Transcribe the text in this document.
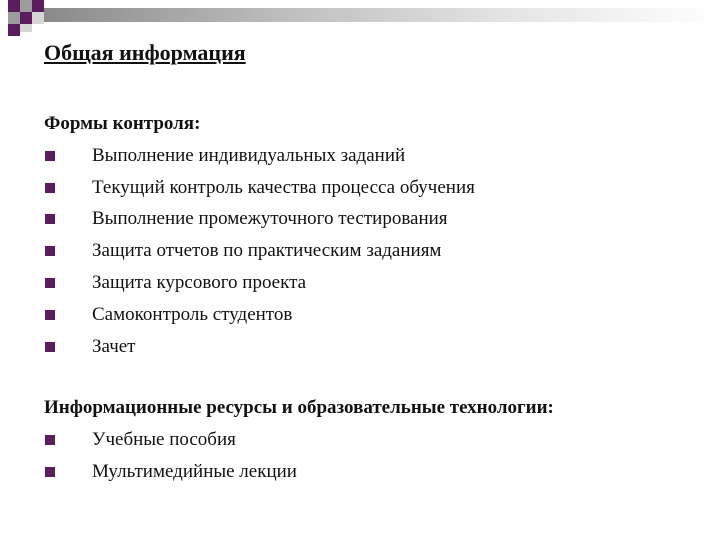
Общая информация
Формы контроля:
Выполнение индивидуальных заданий
Текущий контроль качества процесса обучения
Выполнение промежуточного тестирования
Защита отчетов по практическим заданиям
Защита курсового проекта
Самоконтроль студентов
Зачет
Информационные ресурсы и образовательные технологии:
Учебные пособия
Мультимедийные лекции
